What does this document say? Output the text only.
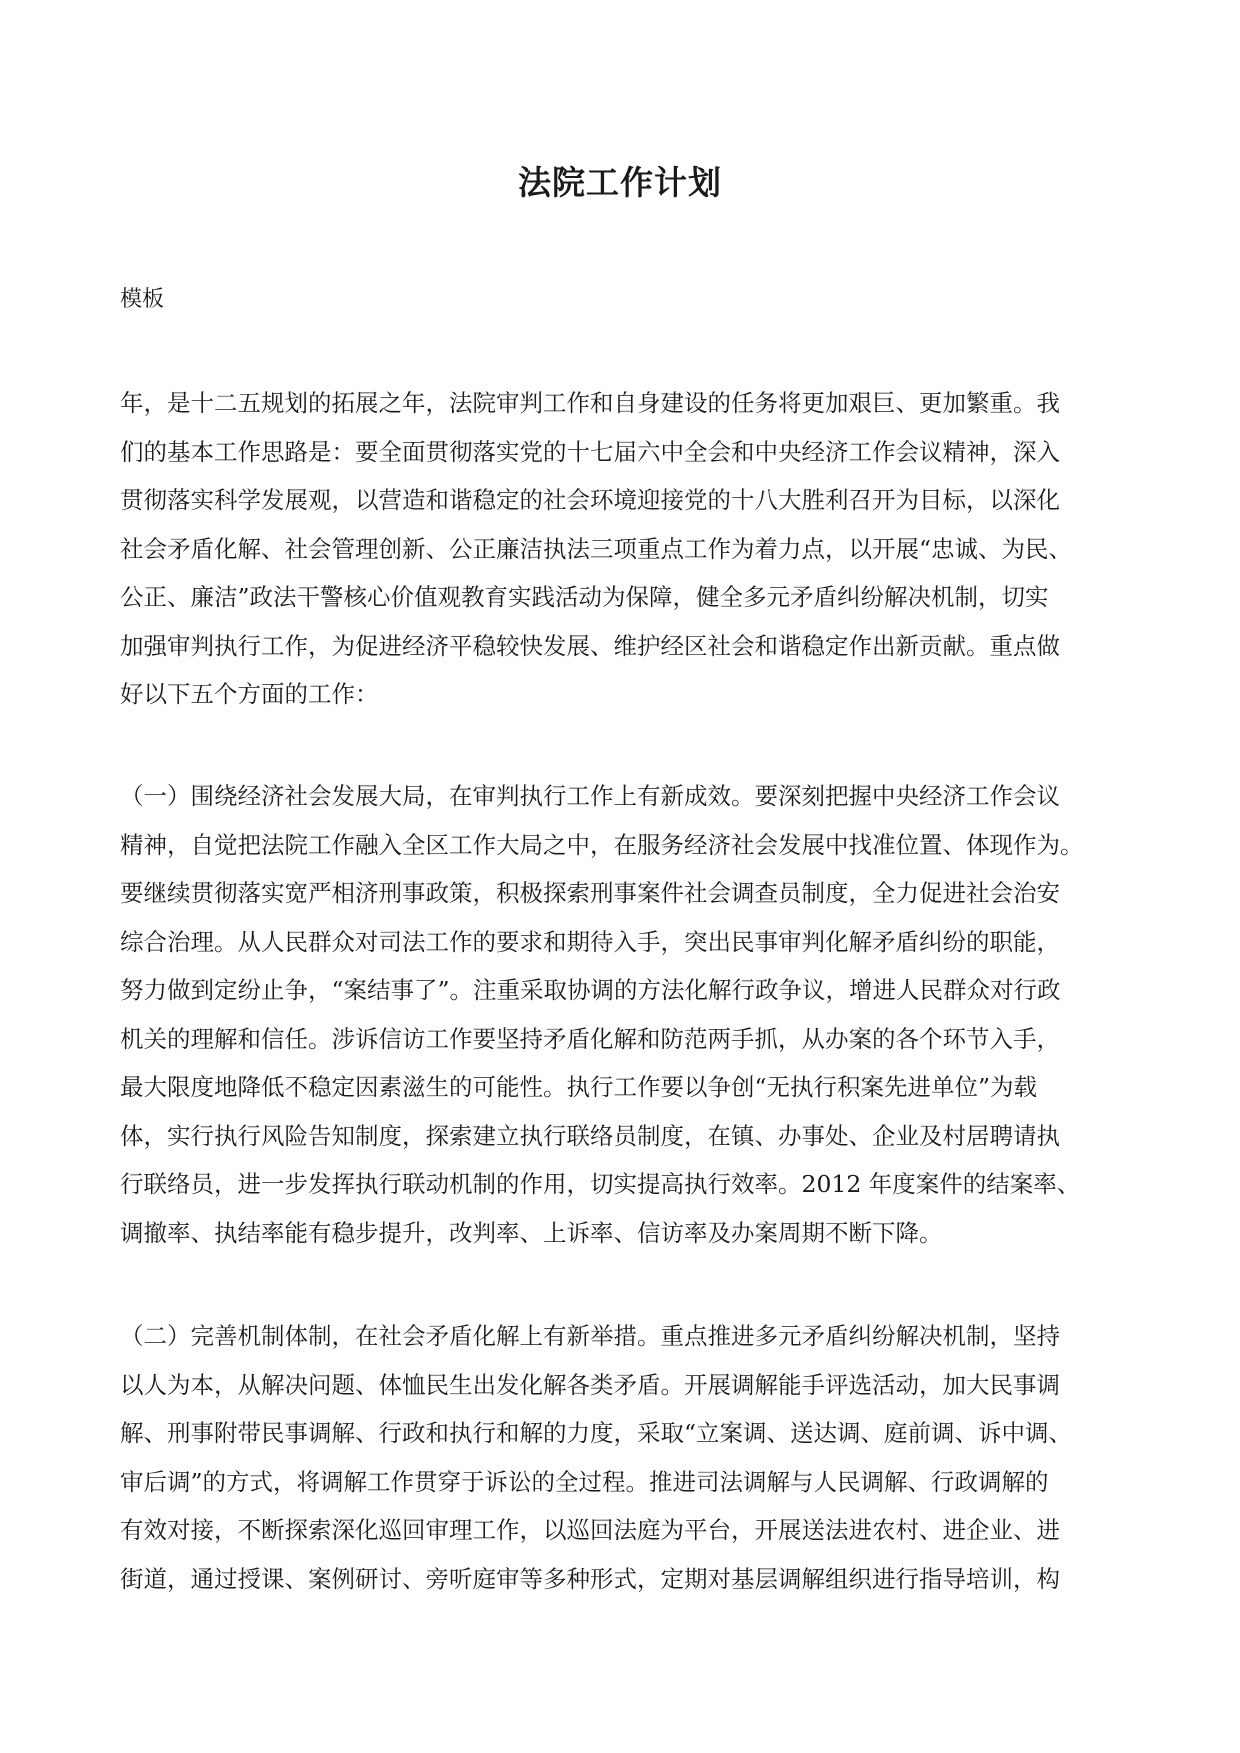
法院工作计划

模板

年，是十二五规划的拓展之年，法院审判工作和自身建设的任务将更加艰巨、更加繁重。我
们的基本工作思路是：要全面贯彻落实党的十七届六中全会和中央经济工作会议精神，深入
贯彻落实科学发展观，以营造和谐稳定的社会环境迎接党的十八大胜利召开为目标，以深化
社会矛盾化解、社会管理创新、公正廉洁执法三项重点工作为着力点，以开展“忠诚、为民、
公正、廉洁”政法干警核心价值观教育实践活动为保障，健全多元矛盾纠纷解决机制，切实
加强审判执行工作，为促进经济平稳较快发展、维护经区社会和谐稳定作出新贡献。重点做
好以下五个方面的工作：

（一）围绕经济社会发展大局，在审判执行工作上有新成效。要深刻把握中央经济工作会议
精神，自觉把法院工作融入全区工作大局之中，在服务经济社会发展中找准位置、体现作为。
要继续贯彻落实宽严相济刑事政策，积极探索刑事案件社会调查员制度，全力促进社会治安
综合治理。从人民群众对司法工作的要求和期待入手，突出民事审判化解矛盾纠纷的职能，
努力做到定纷止争，“案结事了”。注重采取协调的方法化解行政争议，增进人民群众对行政
机关的理解和信任。涉诉信访工作要坚持矛盾化解和防范两手抓，从办案的各个环节入手，
最大限度地降低不稳定因素滋生的可能性。执行工作要以争创“无执行积案先进单位”为载
体，实行执行风险告知制度，探索建立执行联络员制度，在镇、办事处、企业及村居聘请执
行联络员，进一步发挥执行联动机制的作用，切实提高执行效率。2012 年度案件的结案率、
调撤率、执结率能有稳步提升，改判率、上诉率、信访率及办案周期不断下降。

（二）完善机制体制，在社会矛盾化解上有新举措。重点推进多元矛盾纠纷解决机制，坚持
以人为本，从解决问题、体恤民生出发化解各类矛盾。开展调解能手评选活动，加大民事调
解、刑事附带民事调解、行政和执行和解的力度，采取“立案调、送达调、庭前调、诉中调、
审后调”的方式，将调解工作贯穿于诉讼的全过程。推进司法调解与人民调解、行政调解的
有效对接，不断探索深化巡回审理工作，以巡回法庭为平台，开展送法进农村、进企业、进
街道，通过授课、案例研讨、旁听庭审等多种形式，定期对基层调解组织进行指导培训，构
